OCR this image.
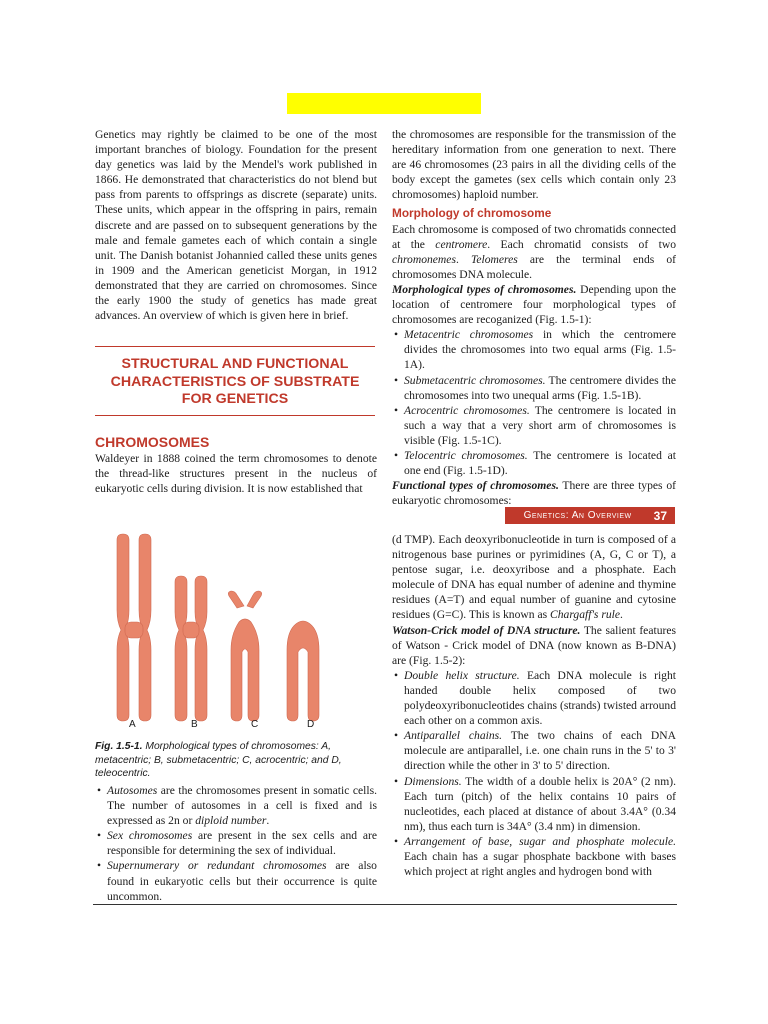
Genetics may rightly be claimed to be one of the most important branches of biology. Foundation for the present day genetics was laid by the Mendel's work published in 1866. He demonstrated that characteristics do not blend but pass from parents to offsprings as discrete (separate) units. These units, which appear in the offspring in pairs, remain discrete and are passed on to subsequent generations by the male and female gametes each of which contain a single unit. The Danish botanist Johannied called these units genes in 1909 and the American geneticist Morgan, in 1912 demonstrated that they are carried on chromosomes. Since the early 1900 the study of genetics has made great advances. An overview of which is given here in brief.

STRUCTURAL AND FUNCTIONAL
CHARACTERISTICS OF SUBSTRATE
FOR GENETICS
CHROMOSOMES

Waldeyer in 1888 coined the term chromosomes to denote the thread-like structures present in the nucleus of eukaryotic cells during division. It is now established that

the chromosomes are responsible for the transmission of the hereditary information from one generation to next. There are 46 chromosomes (23 pairs in all the dividing cells of the body except the gametes (sex cells which contain only 23 chromosomes) haploid number.

Morphology of chromosome

Each chromosome is composed of two chromatids connected at the centromere. Each chromatid consists of two chromonemes. Telomeres are the terminal ends of chromosomes DNA molecule.

Morphological types of chromosomes. Depending upon the location of centromere four morphological types of chromosomes are recoganized (Fig. 1.5-1):

• Metacentric chromosomes in which the centromere divides the chromosomes into two equal arms (Fig. 1.5-1A).
• Submetacentric chromosomes. The centromere divides the chromosomes into two unequal arms (Fig. 1.5-1B).
• Acrocentric chromosomes. The centromere is located in such a way that a very short arm of chromosomes is visible (Fig. 1.5-1C).
• Telocentric chromosomes. The centromere is located at one end (Fig. 1.5-1D).

Functional types of chromosomes. There are three types of eukaryotic chromosomes:

Genetics: An Overview 37
A	B	C	D
Fig. 1.5-1. Morphological types of chromosomes: A, metacentric; B, submetacentric; C, acrocentric; and D, teleocentric.
• Autosomes are the chromosomes present in somatic cells. The number of autosomes in a cell is fixed and is expressed as 2n or diploid number.
• Sex chromosomes are present in the sex cells and are responsible for determining the sex of individual.
• Supernumerary or redundant chromosomes are also found in eukaryotic cells but their occurrence is quite uncommon.

(d TMP). Each deoxyribonucleotide in turn is composed of a nitrogenous base purines or pyrimidines (A, G, C or T), a pentose sugar, i.e. deoxyribose and a phosphate. Each molecule of DNA has equal number of adenine and thymine residues (A=T) and equal number of guanine and cytosine residues (G=C). This is known as Chargaff's rule.

Watson-Crick model of DNA structure. The salient features of Watson - Crick model of DNA (now known as B-DNA) are (Fig. 1.5-2):

• Double helix structure. Each DNA molecule is right handed double helix composed of two polydeoxyribonucleotides chains (strands) twisted arround each other on a common axis.
• Antiparallel chains. The two chains of each DNA molecule are antiparallel, i.e. one chain runs in the 5' to 3' direction while the other in 3' to 5' direction.
• Dimensions. The width of a double helix is 20A° (2 nm). Each turn (pitch) of the helix contains 10 pairs of nucleotides, each placed at distance of about 3.4A° (0.34 nm), thus each turn is 34A° (3.4 nm) in dimension.
• Arrangement of base, sugar and phosphate molecule. Each chain has a sugar phosphate backbone with bases which project at right angles and hydrogen bond with
